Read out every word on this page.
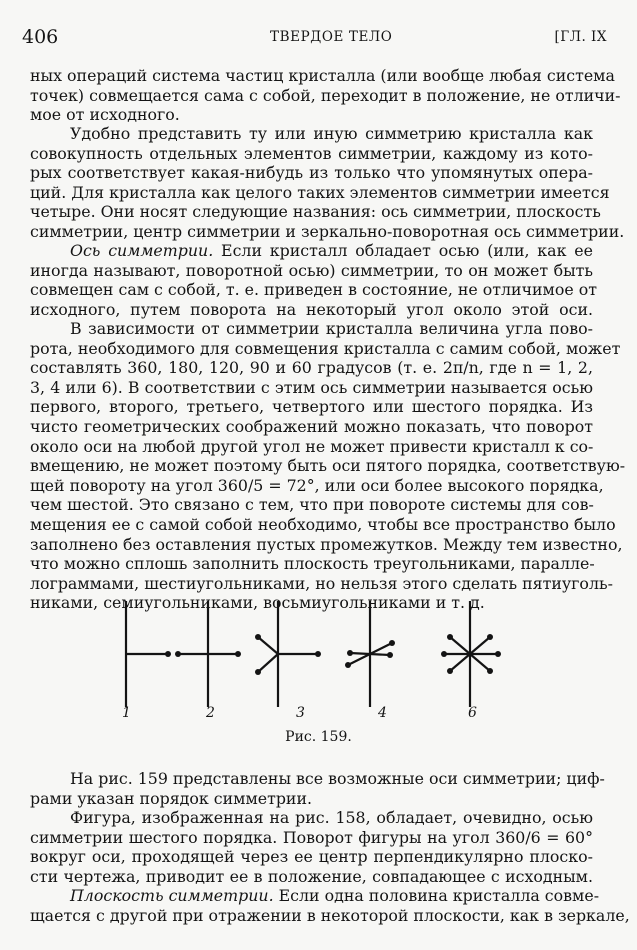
406	ТВЕРДОЕ ТЕЛО	[ГЛ. IX
ных операций система частиц кристалла (или вообще любая система
точек) совмещается сама с собой, переходит в положение, не отличи-
мое от исходного.
Удобно представить ту или иную симметрию кристалла как
совокупность отдельных элементов симметрии, каждому из кото-
рых соответствует какая-нибудь из только что упомянутых опера-
ций. Для кристалла как целого таких элементов симметрии имеется
четыре. Они носят следующие названия: ось симметрии, плоскость
симметрии, центр симметрии и зеркально-поворотная ось симметрии.
Ось симметрии. Если кристалл обладает осью (или, как ее
иногда называют, поворотной осью) симметрии, то он может быть
совмещен сам с собой, т. е. приведен в состояние, не отличимое от
исходного, путем поворота на некоторый угол около этой оси.
В зависимости от симметрии кристалла величина угла пово-
рота, необходимого для совмещения кристалла с самим собой, может
составлять 360, 180, 120, 90 и 60 градусов (т. е. 2π/n, где n = 1, 2,
3, 4 или 6). В соответствии с этим ось симметрии называется осью
первого, второго, третьего, четвертого или шестого порядка. Из
чисто геометрических соображений можно показать, что поворот
около оси на любой другой угол не может привести кристалл к со-
вмещению, не может поэтому быть оси пятого порядка, соответствую-
щей повороту на угол 360/5 = 72°, или оси более высокого порядка,
чем шестой. Это связано с тем, что при повороте системы для сов-
мещения ее с самой собой необходимо, чтобы все пространство было
заполнено без оставления пустых промежутков. Между тем известно,
что можно сплошь заполнить плоскость треугольниками, паралле-
лограммами, шестиугольниками, но нельзя этого сделать пятиуголь-
никами, семиугольниками, восьмиугольниками и т. д.
1	2	3	4	6
Рис. 159.
На рис. 159 представлены все возможные оси симметрии; циф-
рами указан порядок симметрии.
Фигура, изображенная на рис. 158, обладает, очевидно, осью
симметрии шестого порядка. Поворот фигуры на угол 360/6 = 60°
вокруг оси, проходящей через ее центр перпендикулярно плоско-
сти чертежа, приводит ее в положение, совпадающее с исходным.
Плоскость симметрии. Если одна половина кристалла совме-
щается с другой при отражении в некоторой плоскости, как в зеркале,
